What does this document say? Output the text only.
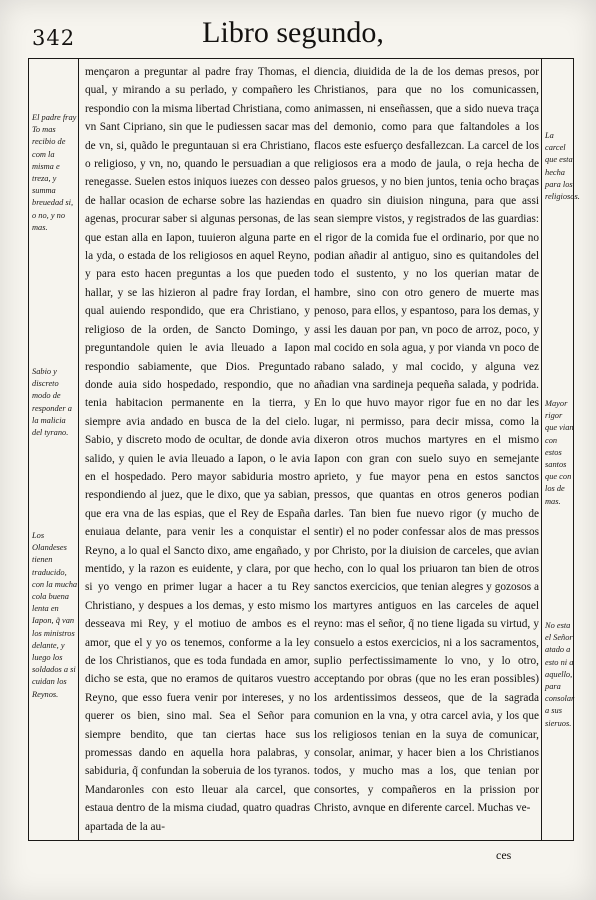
342	Libro segundo,
El padre fray To mas recibio de com la misma e treza, y summa breuedad si, o no, y no mas.
Sabio y discreto modo de responder a la malicia del tyrano.
Los Olandeses tienen traducido, con la mucha cola buena lenta en Iapon, q̃ van los ministros delante, y luego los soldados a si cuidan los Reynos.
La carcel que esta hecha para los religiosos.
Mayor rigor que vian con estos santos que con los de mas.
No esta el Señor atado a esto ni a aquello, para consolar a sus sieruos.

mençaron a preguntar al padre fray Thomas, el qual, y mirando a su perlado, y compañero les respondio con la misma libertad Christiana, como vn Sant Cipriano, sin que le pudiessen sacar mas de vn, si, quãdo le preguntauan si era Christiano, o religioso, y vn, no, quando le persuadian a que renegasse. Suelen estos iniquos iuezes con desseo de hallar ocasion de echarse sobre las haziendas agenas, procurar saber si algunas personas, de las que estan alla en Iapon, tuuieron alguna parte en la yda, o estada de los religiosos en aquel Reyno, y para esto hacen preguntas a los que pueden hallar, y se las hizieron al padre fray Iordan, el qual auiendo respondido, que era Christiano, y religioso de la orden, de Sancto Domingo, y preguntandole quien le avia lleuado a Iapon respondio sabiamente, que Dios. Preguntado donde auia sido hospedado, respondio, que no tenia habitacion permanente en la tierra, y siempre avia andado en busca de la del cielo. Sabio, y discreto modo de ocultar, de donde avia salido, y quien le avia lleuado a Iapon, o le avia en el hospedado. Pero mayor sabiduria mostro respondiendo al juez, que le dixo, que ya sabian, que era vna de las espias, que el Rey de España enuiaua delante, para venir les a conquistar el Reyno, a lo qual el Sancto dixo, ame engañado, y mentido, y la razon es euidente, y clara, por que si yo vengo en primer lugar a hacer a tu Rey Christiano, y despues a los demas, y esto mismo desseava mi Rey, y el motiuo de ambos es el amor, que el y yo os tenemos, conforme a la ley de los Christianos, que es toda fundada en amor, dicho se esta, que no eramos de quitaros vuestro Reyno, que esso fuera venir por intereses, y no querer os bien, sino mal. Sea el Señor para siempre bendito, que tan ciertas hace sus promessas dando en aquella hora palabras, y sabiduria, q̃ confundan la soberuia de los tyranos. Mandaronles con esto lleuar ala carcel, que estaua dentro de la misma ciudad, quatro quadras apartada de la au-

diencia, diuidida de la de los demas presos, por Christianos, para que no los comunicassen, animassen, ni enseñassen, que a sido nueva traça del demonio, como para que faltandoles a los flacos este esfuerço desfallezcan. La carcel de los religiosos era a modo de jaula, o reja hecha de palos gruesos, y no bien juntos, tenia ocho braças en quadro sin diuision ninguna, para que assi sean siempre vistos, y registrados de las guardias: el rigor de la comida fue el ordinario, por que no podian añadir al antiguo, sino es quitandoles del todo el sustento, y no los querian matar de hambre, sino con otro genero de muerte mas penoso, para ellos, y espantoso, para los demas, y assi les dauan por pan, vn poco de arroz, poco, y mal cocido en sola agua, y por vianda vn poco de rabano salado, y mal cocido, y alguna vez añadian vna sardineja pequeña salada, y podrida. En lo que huvo mayor rigor fue en no dar les lugar, ni permisso, para decir missa, como la dixeron otros muchos martyres en el mismo Iapon con gran con suelo suyo en semejante aprieto, y fue mayor pena en estos sanctos pressos, que quantas en otros generos podian darles. Tan bien fue nuevo rigor (y mucho de sentir) el no poder confessar alos de mas pressos por Christo, por la diuision de carceles, que avian hecho, con lo qual los priuaron tan bien de otros sanctos exercicios, que tenian alegres y gozosos a los martyres antiguos en las carceles de aquel reyno: mas el señor, q̃ no tiene ligada su virtud, y consuelo a estos exercicios, ni a los sacramentos, suplio perfectissimamente lo vno, y lo otro, acceptando por obras (que no les eran possibles) los ardentissimos desseos, que de la sagrada comunion en la vna, y otra carcel avia, y los que los religiosos tenian en la suya de comunicar, consolar, animar, y hacer bien a los Christianos todos, y mucho mas a los, que tenian por consortes, y compañeros en la prission por Christo, avnque en diferente carcel. Muchas ve-

ces
